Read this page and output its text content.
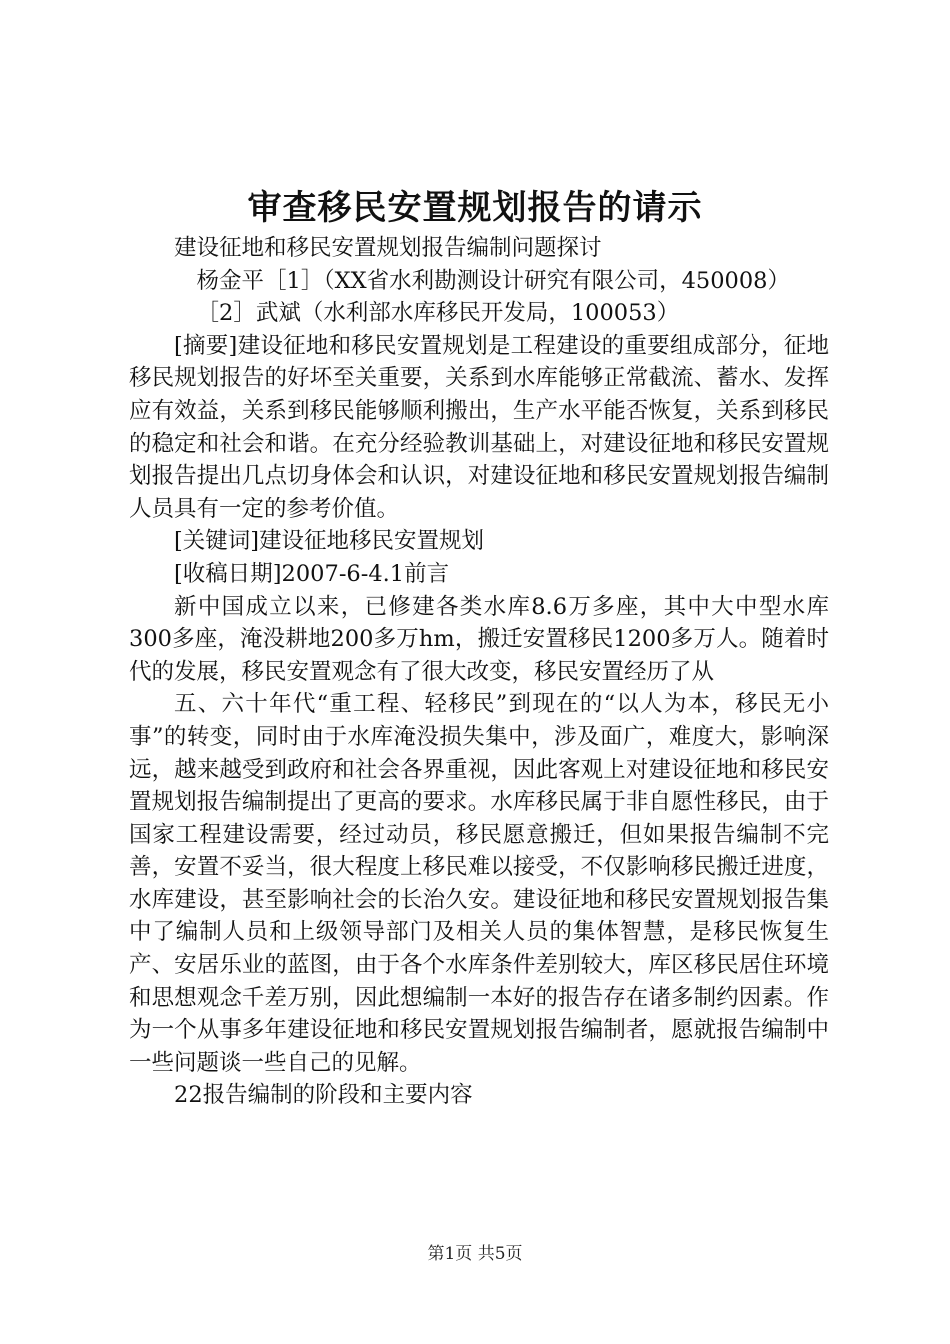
审查移民安置规划报告的请示

建设征地和移民安置规划报告编制问题探讨

杨金平［1］（XX省水利勘测设计研究有限公司，450008）

［2］武斌（水利部水库移民开发局，100053）

[摘要]建设征地和移民安置规划是工程建设的重要组成部分，征地移民规划报告的好坏至关重要，关系到水库能够正常截流、蓄水、发挥应有效益，关系到移民能够顺利搬出，生产水平能否恢复，关系到移民的稳定和社会和谐。在充分经验教训基础上，对建设征地和移民安置规划报告提出几点切身体会和认识，对建设征地和移民安置规划报告编制人员具有一定的参考价值。

[关键词]建设征地移民安置规划

[收稿日期]2007-6-4.1前言

新中国成立以来，已修建各类水库8.6万多座，其中大中型水库300多座，淹没耕地200多万hm，搬迁安置移民1200多万人。随着时代的发展，移民安置观念有了很大改变，移民安置经历了从

五、六十年代“重工程、轻移民”到现在的“以人为本，移民无小事”的转变，同时由于水库淹没损失集中，涉及面广，难度大，影响深远，越来越受到政府和社会各界重视，因此客观上对建设征地和移民安置规划报告编制提出了更高的要求。水库移民属于非自愿性移民，由于国家工程建设需要，经过动员，移民愿意搬迁，但如果报告编制不完善，安置不妥当，很大程度上移民难以接受，不仅影响移民搬迁进度，水库建设，甚至影响社会的长治久安。建设征地和移民安置规划报告集中了编制人员和上级领导部门及相关人员的集体智慧，是移民恢复生产、安居乐业的蓝图，由于各个水库条件差别较大，库区移民居住环境和思想观念千差万别，因此想编制一本好的报告存在诸多制约因素。作为一个从事多年建设征地和移民安置规划报告编制者，愿就报告编制中一些问题谈一些自己的见解。

22报告编制的阶段和主要内容

第1页 共5页
